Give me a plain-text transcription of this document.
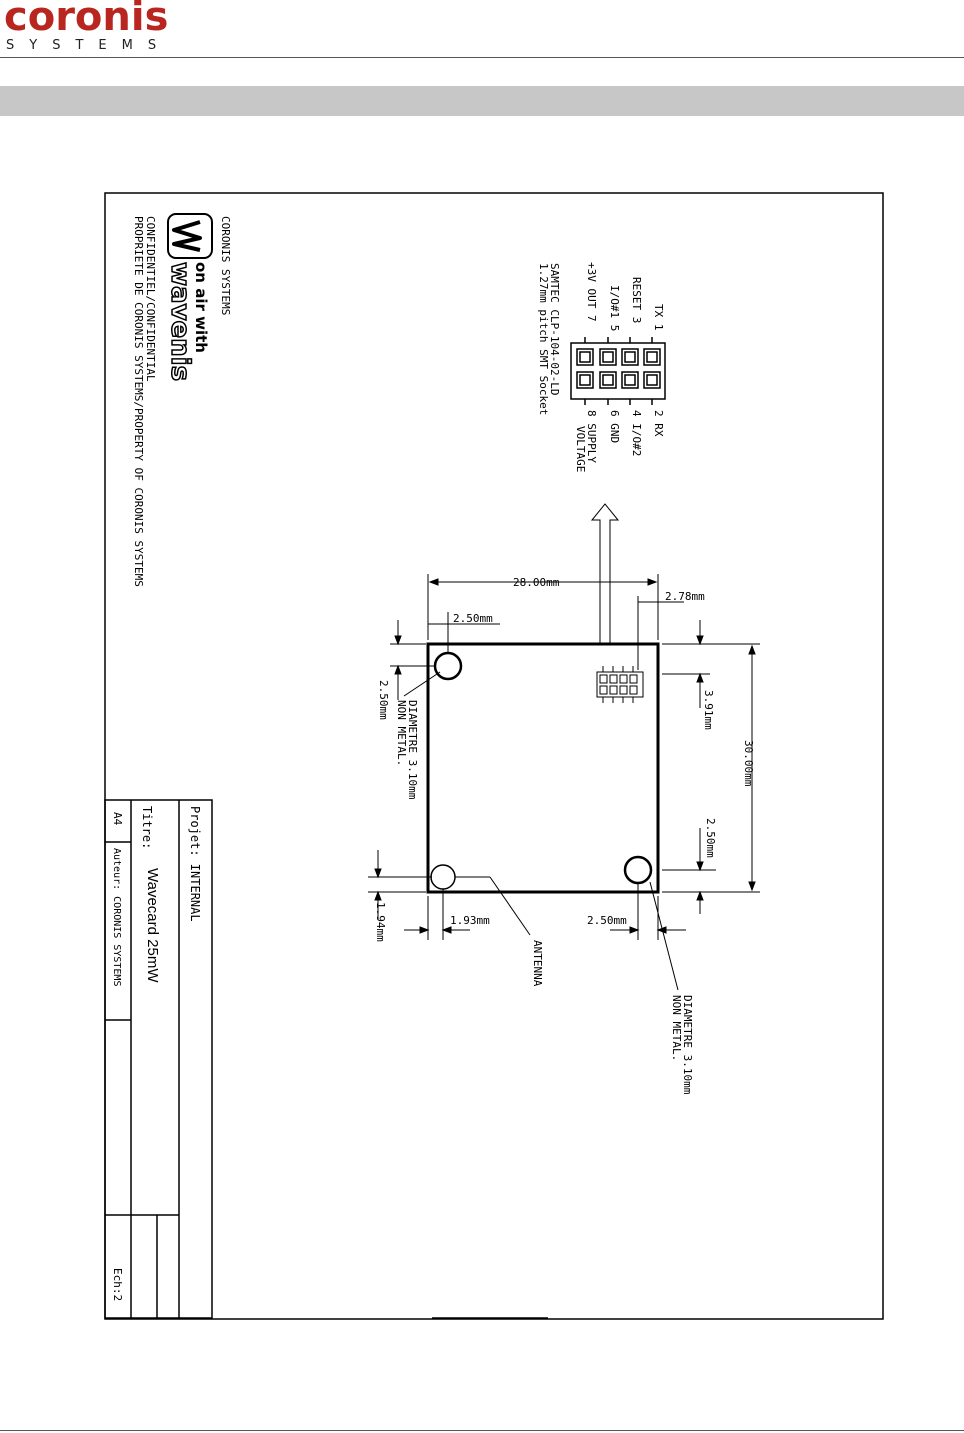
coronis
SYSTEMS
Projet: INTERNAL
Titre:
Wavecard 25mW
A4
Auteur: CORONIS SYSTEMS
Ech:2
CORONIS SYSTEMS
on air with
wavenis
CONFIDENTIEL/CONFIDENTIAL
PROPRIETE DE CORONIS SYSTEMS/PROPERTY OF CORONIS SYSTEMS	TX 1
RESET 3
I/O#1 5
+3V OUT 7
2 RX
4 I/O#2
6 GND
8 SUPPLY
VOLTAGE
SAMTEC CLP-104-02-LD
1.27mm pitch SMT Socket
28.00mm
2.78mm
2.50mm
30.00mm
3.91mm
2.50mm
2.50mm
2.50mm
1.94mm	1.93mm
DIAMETRE 3.10mm
NON METAL.
DIAMETRE 3.10mm
NON METAL.
ANTENNA
